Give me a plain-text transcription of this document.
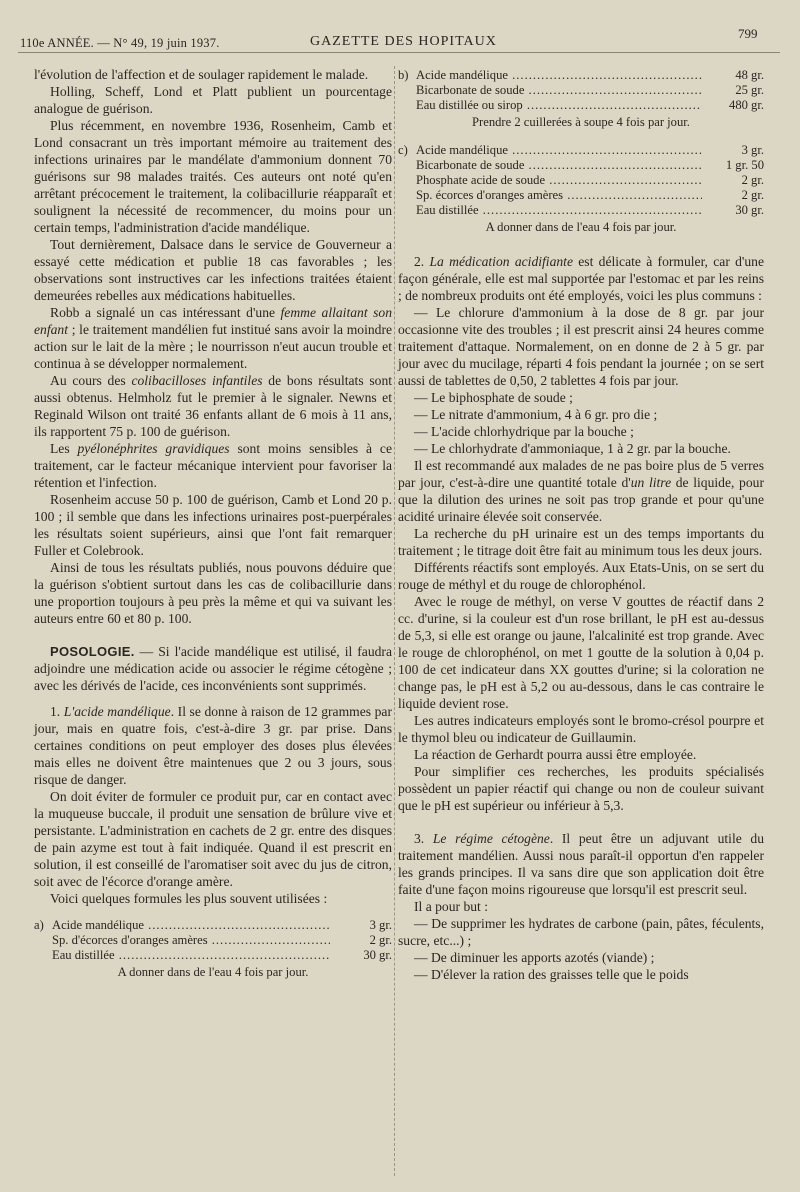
110e ANNÉE. — N° 49, 19 juin 1937.	GAZETTE DES HOPITAUX
799

l'évolution de l'affection et de soulager rapidement le malade.

Holling, Scheff, Lond et Platt publient un pourcentage analogue de guérison.

Plus récemment, en novembre 1936, Rosenheim, Camb et Lond consacrant un très important mémoire au traitement des infections urinaires par le mandélate d'ammonium donnent 70 guérisons sur 98 malades traités. Ces auteurs ont noté qu'en arrêtant précocement le traitement, la colibacillurie réapparaît et soulignent la nécessité de recommencer, du moins pour un certain temps, l'administration d'acide mandélique.

Tout dernièrement, Dalsace dans le service de Gouverneur a essayé cette médication et publie 18 cas favorables ; les observations sont instructives car les infections traitées étaient demeurées rebelles aux médications habituelles.

Robb a signalé un cas intéressant d'une femme allaitant son enfant ; le traitement mandélien fut institué sans avoir la moindre action sur le lait de la mère ; le nourrisson n'eut aucun trouble et continua à se développer normalement.

Au cours des colibacilloses infantiles de bons résultats sont aussi obtenus. Helmholz fut le premier à le signaler. Newns et Reginald Wilson ont traité 36 enfants allant de 6 mois à 11 ans, ils rapportent 75 p. 100 de guérison.

Les pyélonéphrites gravidiques sont moins sensibles à ce traitement, car le facteur mécanique intervient pour favoriser la rétention et l'infection.

Rosenheim accuse 50 p. 100 de guérison, Camb et Lond 20 p. 100 ; il semble que dans les infections urinaires post-puerpérales les résultats soient supérieurs, ainsi que l'ont fait remarquer Fuller et Colebrook.

Ainsi de tous les résultats publiés, nous pouvons déduire que la guérison s'obtient surtout dans les cas de colibacillurie dans une proportion toujours à peu près la même et qui va suivant les auteurs entre 60 et 80 p. 100.

POSOLOGIE. — Si l'acide mandélique est utilisé, il faudra adjoindre une médication acide ou associer le régime cétogène ; avec les dérivés de l'acide, ces inconvénients sont supprimés.

1. L'acide mandélique. Il se donne à raison de 12 grammes par jour, mais en quatre fois, c'est-à-dire 3 gr. par prise. Dans certaines conditions on peut employer des doses plus élevées mais elles ne doivent être maintenues que 2 ou 3 jours, sous risque de danger.

On doit éviter de formuler ce produit pur, car en contact avec la muqueuse buccale, il produit une sensation de brûlure vive et persistante. L'administration en cachets de 2 gr. entre des disques de pain azyme est tout à fait indiquée. Quand il est prescrit en solution, il est conseillé de l'aromatiser soit avec du jus de citron, soit avec de l'écorce d'orange amère.

Voici quelques formules les plus souvent utilisées :

a) Acide mandélique .....	3 gr.
Sp. d'écorces d'oranges amères .....	2 gr.
Eau distillée .....	30 gr.
A donner dans de l'eau 4 fois par jour.
b) Acide mandélique .....	48 gr.
Bicarbonate de soude .....	25 gr.
Eau distillée ou sirop .....	480 gr.
Prendre 2 cuillerées à soupe 4 fois par jour.
c) Acide mandélique .....	3 gr.
Bicarbonate de soude .....	1 gr. 50
Phosphate acide de soude .....	2 gr.
Sp. écorces d'oranges amères .....	2 gr.
Eau distillée .....	30 gr.
A donner dans de l'eau 4 fois par jour.

2. La médication acidifiante est délicate à formuler, car d'une façon générale, elle est mal supportée par l'estomac et par les reins ; de nombreux produits ont été employés, voici les plus communs :

— Le chlorure d'ammonium à la dose de 8 gr. par jour occasionne vite des troubles ; il est prescrit ainsi 24 heures comme traitement d'attaque. Normalement, on en donne de 2 à 5 gr. par jour avec du mucilage, réparti 4 fois pendant la journée ; on se sert aussi de tablettes de 0,50, 2 tablettes 4 fois par jour.

— Le biphosphate de soude ;

— Le nitrate d'ammonium, 4 à 6 gr. pro die ;

— L'acide chlorhydrique par la bouche ;

— Le chlorhydrate d'ammoniaque, 1 à 2 gr. par la bouche.

Il est recommandé aux malades de ne pas boire plus de 5 verres par jour, c'est-à-dire une quantité totale d'un litre de liquide, pour que la dilution des urines ne soit pas trop grande et pour qu'une acidité urinaire élevée soit conservée.

La recherche du pH urinaire est un des temps importants du traitement ; le titrage doit être fait au minimum tous les deux jours.

Différents réactifs sont employés. Aux Etats-Unis, on se sert du rouge de méthyl et du rouge de chlorophénol.

Avec le rouge de méthyl, on verse V gouttes de réactif dans 2 cc. d'urine, si la couleur est d'un rose brillant, le pH est au-dessus de 5,3, si elle est orange ou jaune, l'alcalinité est trop grande. Avec le rouge de chlorophénol, on met 1 goutte de la solution à 0,04 p. 100 de cet indicateur dans XX gouttes d'urine; si la coloration ne change pas, le pH est à 5,2 ou au-dessous, dans le cas contraire le liquide devient rose.

Les autres indicateurs employés sont le bromo-crésol pourpre et le thymol bleu ou indicateur de Guillaumin.

La réaction de Gerhardt pourra aussi être employée.

Pour simplifier ces recherches, les produits spécialisés possèdent un papier réactif qui change ou non de couleur suivant que le pH est supérieur ou inférieur à 5,3.

3. Le régime cétogène. Il peut être un adjuvant utile du traitement mandélien. Aussi nous paraît-il opportun d'en rappeler les grands principes. Il va sans dire que son application doit être faite d'une façon moins rigoureuse que lorsqu'il est prescrit seul.

Il a pour but :

— De supprimer les hydrates de carbone (pain, pâtes, féculents, sucre, etc...) ;

— De diminuer les apports azotés (viande) ;

— D'élever la ration des graisses telle que le poids
